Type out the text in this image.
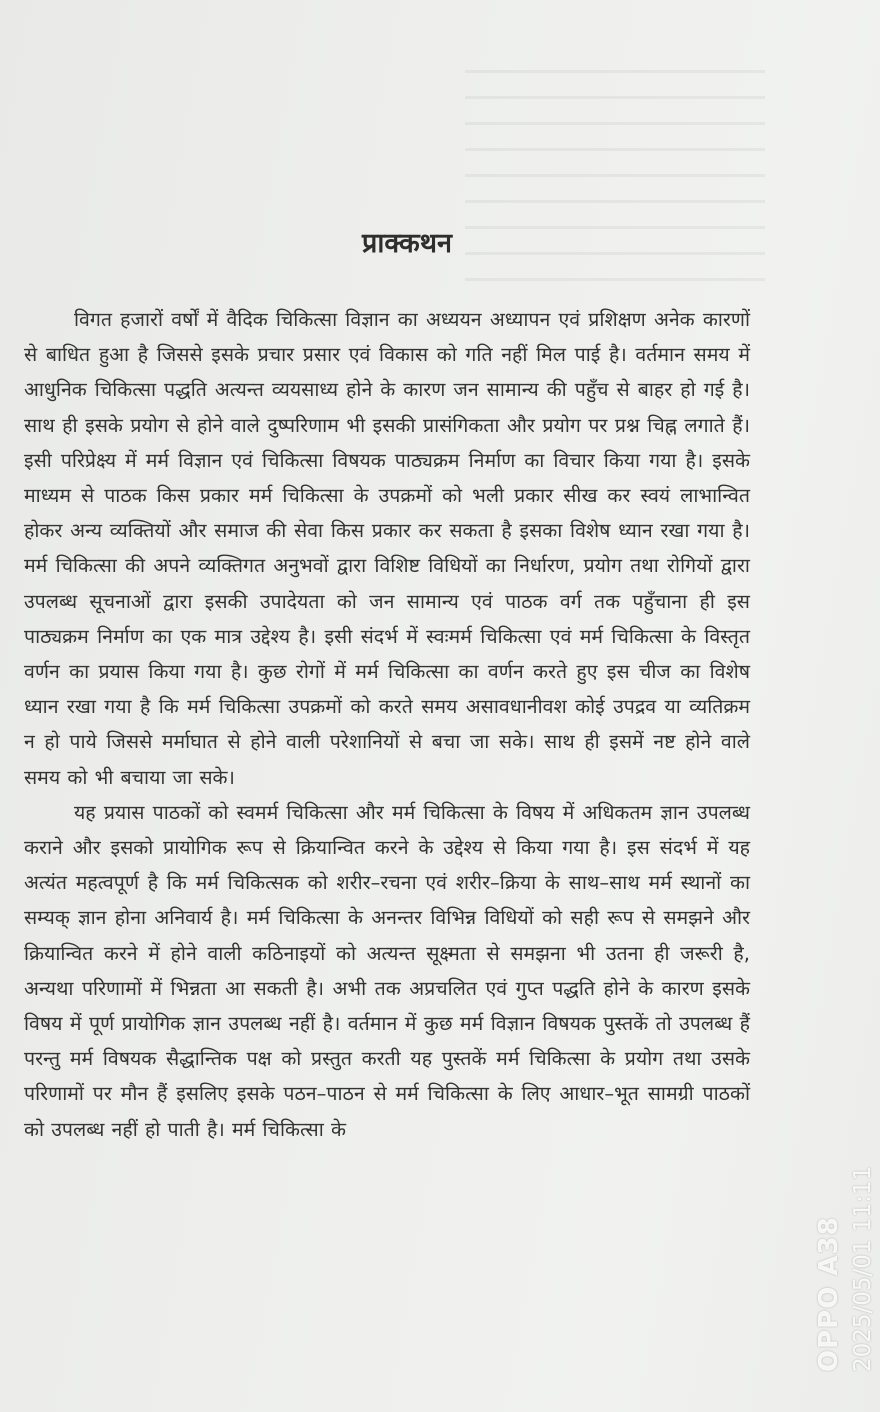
प्राक्कथन

विगत हजारों वर्षों में वैदिक चिकित्सा विज्ञान का अध्ययन अध्यापन एवं प्रशिक्षण अनेक कारणों से बाधित हुआ है जिससे इसके प्रचार प्रसार एवं विकास को गति नहीं मिल पाई है। वर्तमान समय में आधुनिक चिकित्सा पद्धति अत्यन्त व्ययसाध्य होने के कारण जन सामान्य की पहुँच से बाहर हो गई है। साथ ही इसके प्रयोग से होने वाले दुष्परिणाम भी इसकी प्रासंगिकता और प्रयोग पर प्रश्न चिह्न लगाते हैं। इसी परिप्रेक्ष्य में मर्म विज्ञान एवं चिकित्सा विषयक पाठ्यक्रम निर्माण का विचार किया गया है। इसके माध्यम से पाठक किस प्रकार मर्म चिकित्सा के उपक्रमों को भली प्रकार सीख कर स्वयं लाभान्वित होकर अन्य व्यक्तियों और समाज की सेवा किस प्रकार कर सकता है इसका विशेष ध्यान रखा गया है। मर्म चिकित्सा की अपने व्यक्तिगत अनुभवों द्वारा विशिष्ट विधियों का निर्धारण, प्रयोग तथा रोगियों द्वारा उपलब्ध सूचनाओं द्वारा इसकी उपादेयता को जन सामान्य एवं पाठक वर्ग तक पहुँचाना ही इस पाठ्यक्रम निर्माण का एक मात्र उद्देश्य है। इसी संदर्भ में स्वःमर्म चिकित्सा एवं मर्म चिकित्सा के विस्तृत वर्णन का प्रयास किया गया है। कुछ रोगों में मर्म चिकित्सा का वर्णन करते हुए इस चीज का विशेष ध्यान रखा गया है कि मर्म चिकित्सा उपक्रमों को करते समय असावधानीवश कोई उपद्रव या व्यतिक्रम न हो पाये जिससे मर्माघात से होने वाली परेशानियों से बचा जा सके। साथ ही इसमें नष्ट होने वाले समय को भी बचाया जा सके।

यह प्रयास पाठकों को स्वमर्म चिकित्सा और मर्म चिकित्सा के विषय में अधिकतम ज्ञान उपलब्ध कराने और इसको प्रायोगिक रूप से क्रियान्वित करने के उद्देश्य से किया गया है। इस संदर्भ में यह अत्यंत महत्वपूर्ण है कि मर्म चिकित्सक को शरीर–रचना एवं शरीर–क्रिया के साथ–साथ मर्म स्थानों का सम्यक् ज्ञान होना अनिवार्य है। मर्म चिकित्सा के अनन्तर विभिन्न विधियों को सही रूप से समझने और क्रियान्वित करने में होने वाली कठिनाइयों को अत्यन्त सूक्ष्मता से समझना भी उतना ही जरूरी है, अन्यथा परिणामों में भिन्नता आ सकती है। अभी तक अप्रचलित एवं गुप्त पद्धति होने के कारण इसके विषय में पूर्ण प्रायोगिक ज्ञान उपलब्ध नहीं है। वर्तमान में कुछ मर्म विज्ञान विषयक पुस्तकें तो उपलब्ध हैं परन्तु मर्म विषयक सैद्धान्तिक पक्ष को प्रस्तुत करती यह पुस्तकें मर्म चिकित्सा के प्रयोग तथा उसके परिणामों पर मौन हैं इसलिए इसके पठन–पाठन से मर्म चिकित्सा के लिए आधार–भूत सामग्री पाठकों को उपलब्ध नहीं हो पाती है। मर्म चिकित्सा के

OPPO A38 2025/05/01 11:11
